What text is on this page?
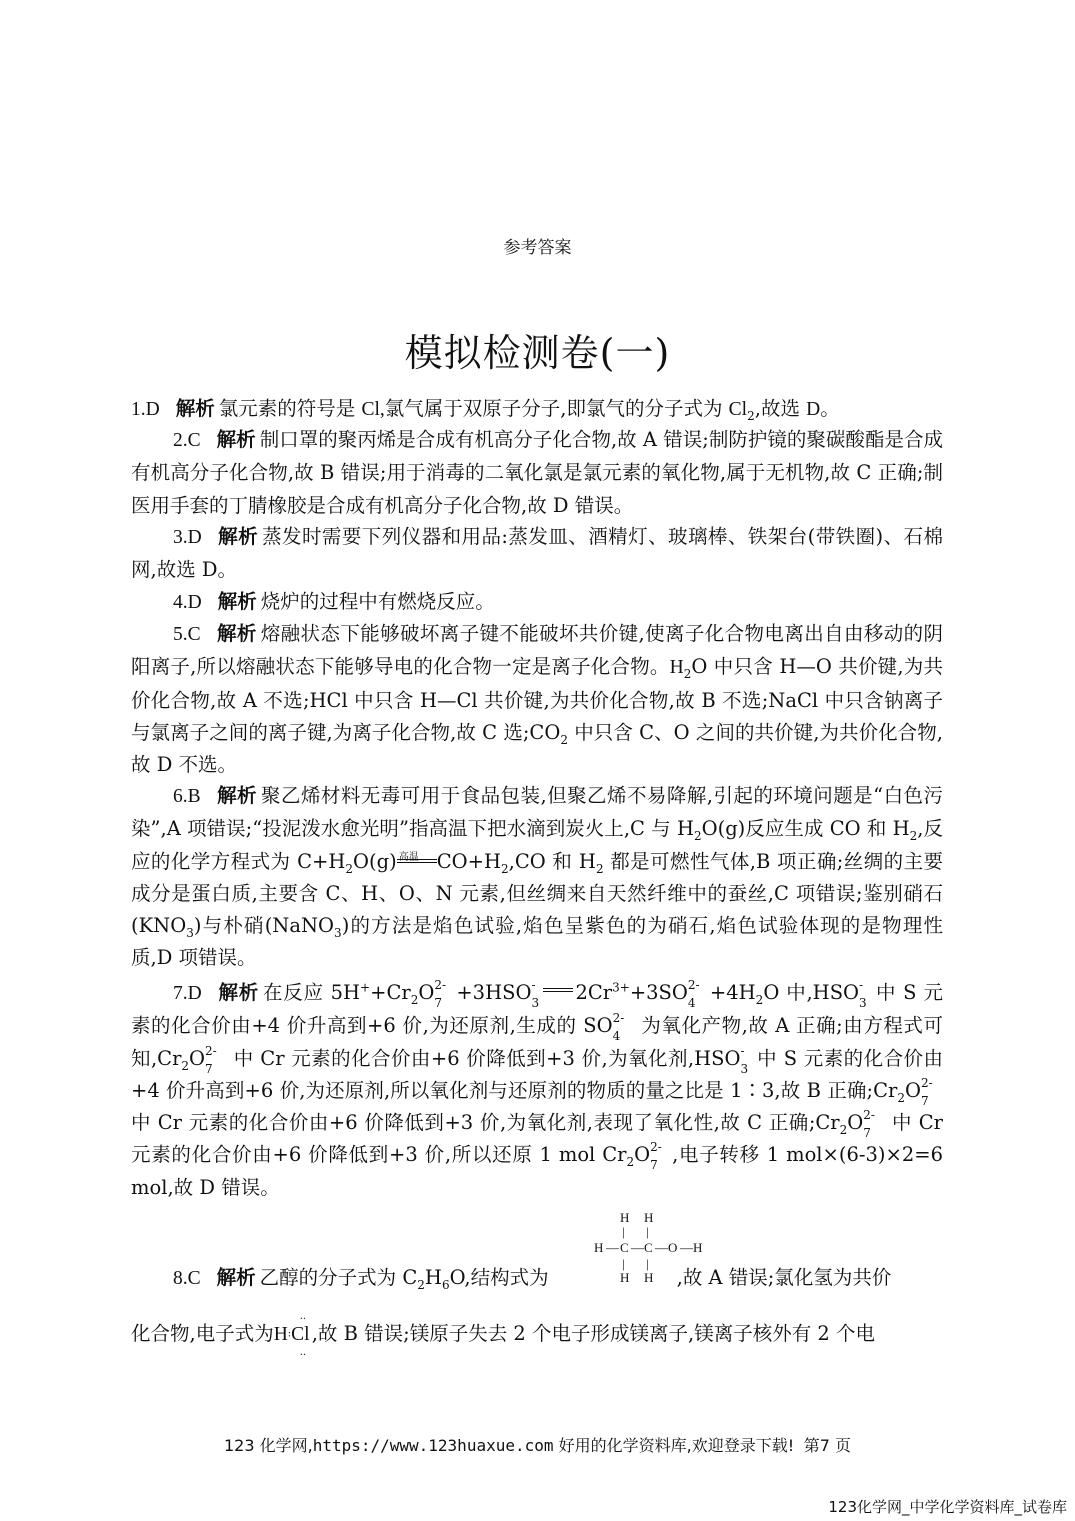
参考答案
模拟检测卷(一)
1.D 解析 氯元素的符号是 Cl,氯气属于双原子分子,即氯气的分子式为 $Cl_2$,故选 D。
2.C 解析 制口罩的聚丙烯是合成有机高分子化合物,故 A 错误;制防护镜的聚碳酸酯是合成有机高分子化合物,故 B 错误;用于消毒的二氧化氯是氯元素的氧化物,属于无机物,故 C 正确;制医用手套的丁腈橡胶是合成有机高分子化合物,故 D 错误。
3.D 解析 蒸发时需要下列仪器和用品:蒸发皿、酒精灯、玻璃棒、铁架台(带铁圈)、石棉网,故选 D。
4.D 解析 烧炉的过程中有燃烧反应。
5.C 解析 熔融状态下能够破坏离子键不能破坏共价键,使离子化合物电离出自由移动的阴阳离子,所以熔融状态下能够导电的化合物一定是离子化合物。$H_2O$ 中只含 H—O 共价键,为共价化合物,故 A 不选;HCl 中只含 H—Cl 共价键,为共价化合物,故 B 不选;NaCl 中只含钠离子与氯离子之间的离子键,为离子化合物,故 C 选$;CO_2$ 中只含 C、O 之间的共价键,为共价化合物,故 D 不选。
6.B 解析 聚乙烯材料无毒可用于食品包装,但聚乙烯不易降解,引起的环境问题是“白色污染”,A 项错误;“投泥泼水愈光明”指高温下把水滴到炭火上,C 与 $H_2O(g)$反应生成 CO 和 $H_2$,反应的化学方程式为 $C+H_2O(g)$ 高温 $CO+H_2,CO$ 和 $H_2$ 都是可燃性气体,B 项正确;丝绸的主要成分是蛋白质,主要含 C、H、O、N 元素,但丝绸来自天然纤维中的蚕丝,C 项错误;鉴别硝石$(KNO_3)$与朴硝(NaNO$_3$)的方法是焰色试验,焰色呈紫色的为硝石,焰色试验体现的是物理性质,D 项错误。
7.D 解析 在反应 $5H^++Cr_2O$ 2-
7 +3HSO -
3 $2Cr^{3+}+3SO$ 2-
$4 +4H_2O$ 中,HSO -
3 中 S 元素的化合价由+4 价升高到+6 价,为还原剂,生成的 SO 2-
4 为氧化产物,故 A 正确;由方程式可知$,Cr_2O$ 2-
7 中 Cr 元素的化合价由+6 价降低到+3 价,为氧化剂,HSO -
3 中 S 元素的化合价由+4 价升高到+6 价,为还原剂,所以氧化剂与还原剂的物质的量之比是 1∶3,故 B 正确$;Cr_2O$ 2-
7
中 Cr 元素的化合价由+6 价降低到+3 价,为氧化剂,表现了氧化性,故 C 正确$;Cr_2O$ 2-
7 中 Cr 元素的化合价由+6 价降低到+3 价,所以还原 1 mol $Cr_2O$ 2-
7 ,电子转移 1 mol×(6-3)×2=6 mol,故 D 错误。
H H
| |
H — C — C — O — H
| |
H H
8.C 解析 乙醇的分子式为 $C_2H_6O$,结构式为	,故 A 错误;氯化氢为共价
化合物,电子式为H:Cl
··
··
,故 B 错误;镁原子失去 2 个电子形成镁离子,镁离子核外有 2 个电
123 化学网,https://www.123huaxue.com 好用的化学资料库,欢迎登录下载! 第7 页
123化学网_中学化学资料库_试卷库
